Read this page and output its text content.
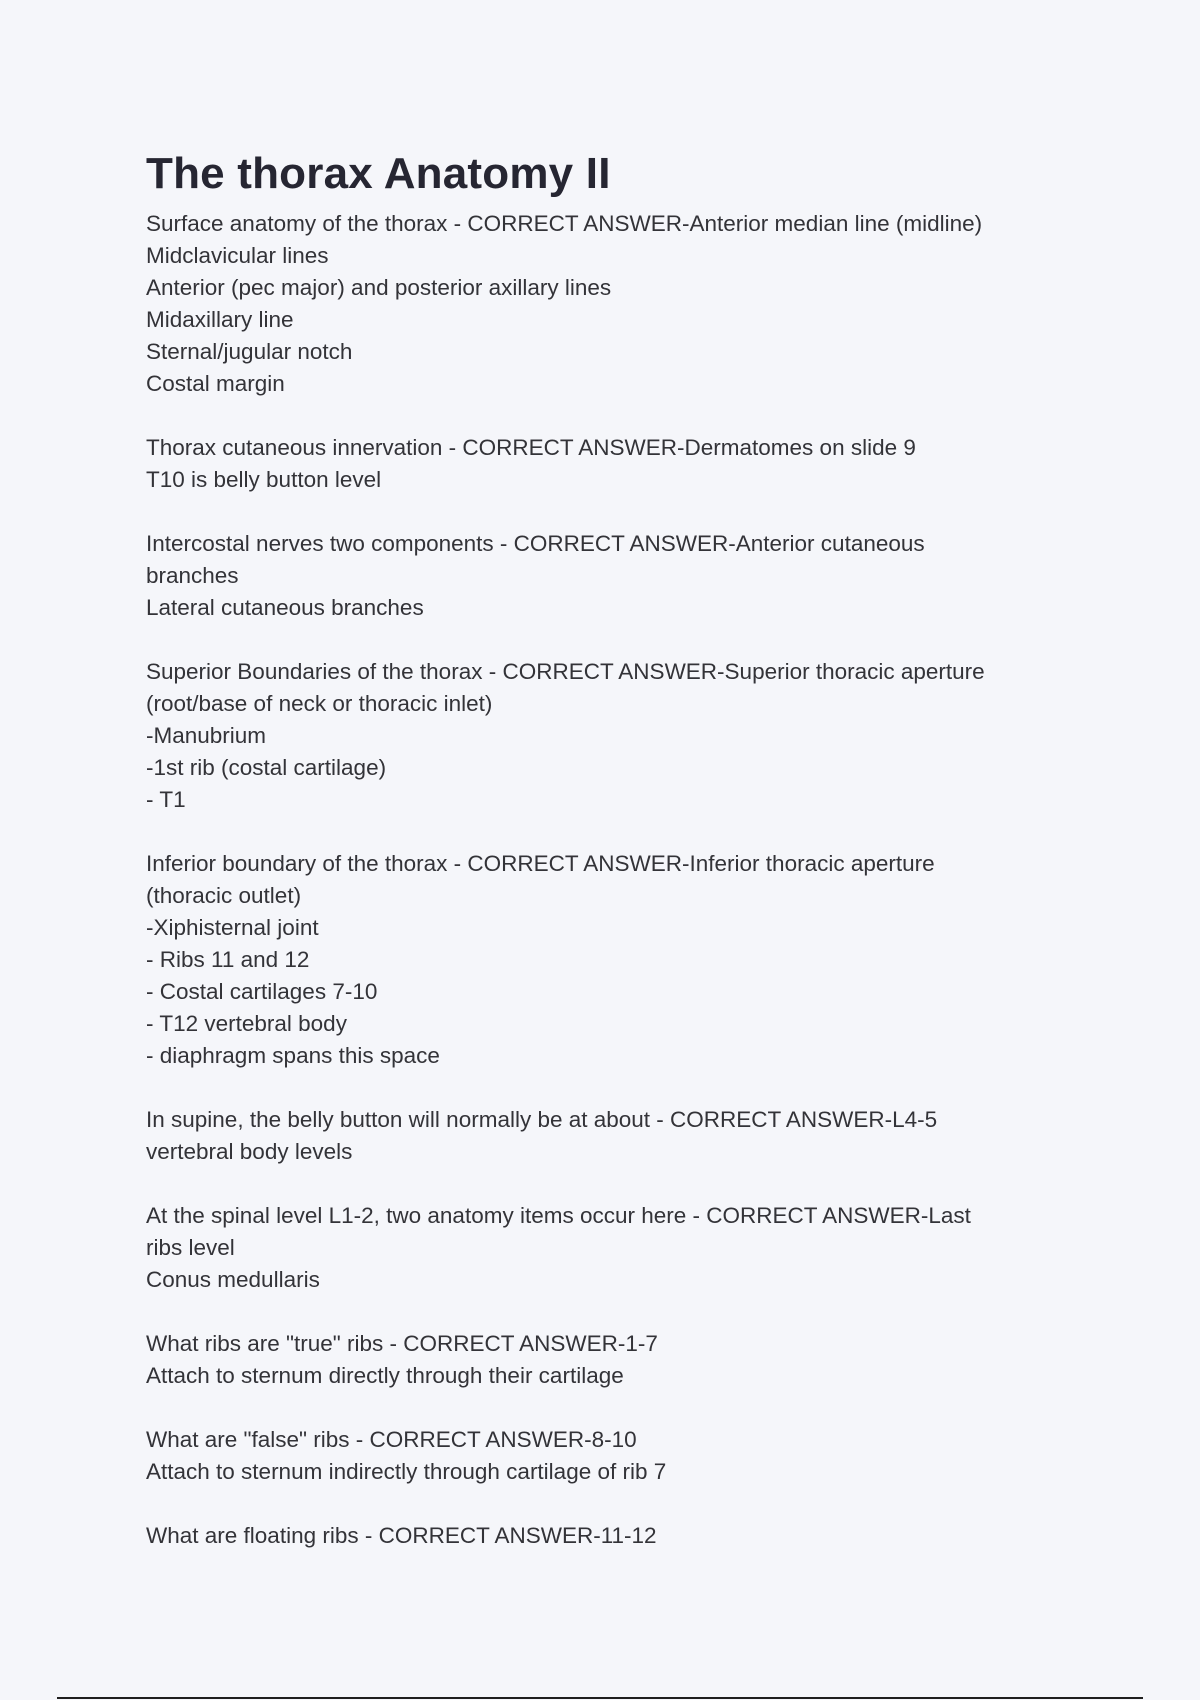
The thorax Anatomy II
Surface anatomy of the thorax - CORRECT ANSWER-Anterior median line (midline)
Midclavicular lines
Anterior (pec major) and posterior axillary lines
Midaxillary line
Sternal/jugular notch
Costal margin
Thorax cutaneous innervation - CORRECT ANSWER-Dermatomes on slide 9
T10 is belly button level
Intercostal nerves two components - CORRECT ANSWER-Anterior cutaneous
branches
Lateral cutaneous branches
Superior Boundaries of the thorax - CORRECT ANSWER-Superior thoracic aperture
(root/base of neck or thoracic inlet)
-Manubrium
-1st rib (costal cartilage)
- T1
Inferior boundary of the thorax - CORRECT ANSWER-Inferior thoracic aperture
(thoracic outlet)
-Xiphisternal joint
- Ribs 11 and 12
- Costal cartilages 7-10
- T12 vertebral body
- diaphragm spans this space
In supine, the belly button will normally be at about - CORRECT ANSWER-L4-5
vertebral body levels
At the spinal level L1-2, two anatomy items occur here - CORRECT ANSWER-Last
ribs level
Conus medullaris
What ribs are "true" ribs - CORRECT ANSWER-1-7
Attach to sternum directly through their cartilage
What are "false" ribs - CORRECT ANSWER-8-10
Attach to sternum indirectly through cartilage of rib 7
What are floating ribs - CORRECT ANSWER-11-12
